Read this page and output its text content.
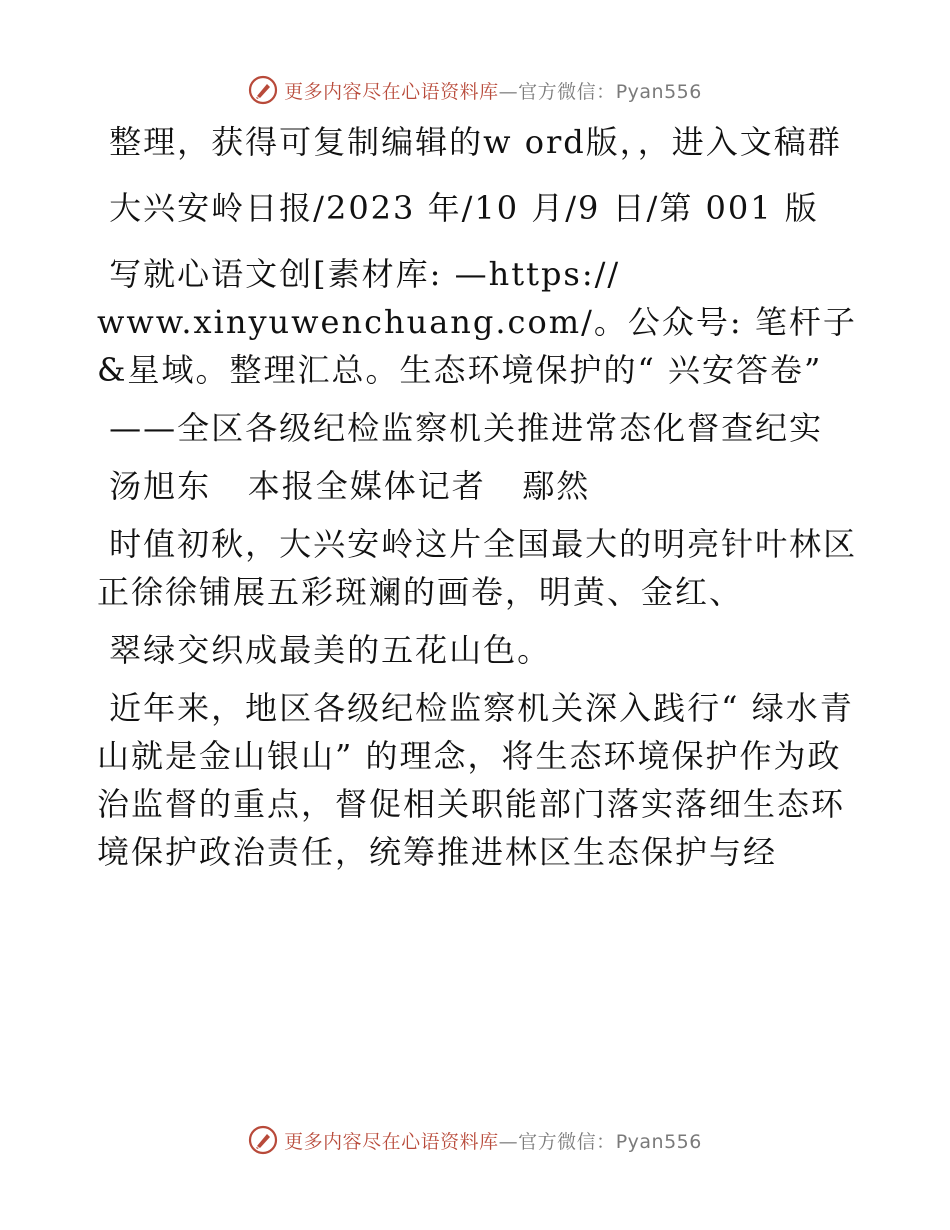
更多内容尽在心语资料库—官方微信：Pyan556

整理，获得可复制编辑的w ord版，，进入文稿群

大兴安岭日报/2023 年/10 月/9 日/第 001 版

写就心语文创[素材库: —https://

www.xinyuwenchuang.com/。公众号: 笔杆子&星域。整理汇总。生态环境保护的“ 兴安答卷”

——全区各级纪检监察机关推进常态化督查纪实

汤旭东   本报全媒体记者   鄢然

时值初秋，大兴安岭这片全国最大的明亮针叶林区正徐徐铺展五彩斑斓的画卷，明黄、金红、

翠绿交织成最美的五花山色。

近年来，地区各级纪检监察机关深入践行“ 绿水青山就是金山银山” 的理念，将生态环境保护作为政治监督的重点，督促相关职能部门落实落细生态环境保护政治责任，统筹推进林区生态保护与经

更多内容尽在心语资料库—官方微信：Pyan556
